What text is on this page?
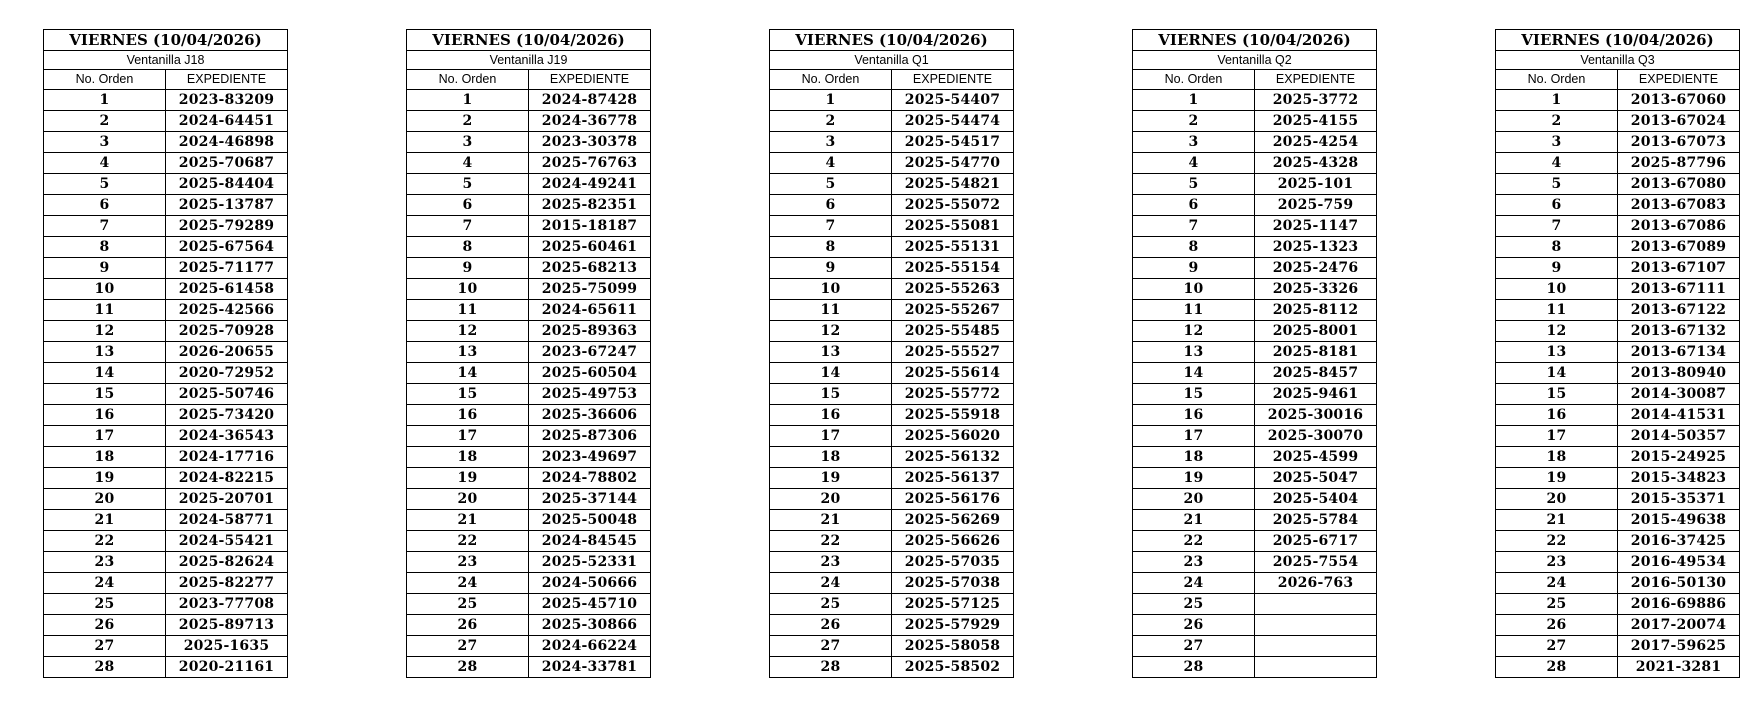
VIERNES (10/04/2026)	
Ventanilla J18	
No. Orden	EXPEDIENTE
1	2023-83209
2	2024-64451
3	2024-46898
4	2025-70687
5	2025-84404
6	2025-13787
7	2025-79289
8	2025-67564
9	2025-71177
10	2025-61458
11	2025-42566
12	2025-70928
13	2026-20655
14	2020-72952
15	2025-50746
16	2025-73420
17	2024-36543
18	2024-17716
19	2024-82215
20	2025-20701
21	2024-58771
22	2024-55421
23	2025-82624
24	2025-82277
25	2023-77708
26	2025-89713
27	2025-1635
28	2020-21161
VIERNES (10/04/2026)	
Ventanilla J19	
No. Orden	EXPEDIENTE
1	2024-87428
2	2024-36778
3	2023-30378
4	2025-76763
5	2024-49241
6	2025-82351
7	2015-18187
8	2025-60461
9	2025-68213
10	2025-75099
11	2024-65611
12	2025-89363
13	2023-67247
14	2025-60504
15	2025-49753
16	2025-36606
17	2025-87306
18	2023-49697
19	2024-78802
20	2025-37144
21	2025-50048
22	2024-84545
23	2025-52331
24	2024-50666
25	2025-45710
26	2025-30866
27	2024-66224
28	2024-33781
VIERNES (10/04/2026)	
Ventanilla Q1	
No. Orden	EXPEDIENTE
1	2025-54407
2	2025-54474
3	2025-54517
4	2025-54770
5	2025-54821
6	2025-55072
7	2025-55081
8	2025-55131
9	2025-55154
10	2025-55263
11	2025-55267
12	2025-55485
13	2025-55527
14	2025-55614
15	2025-55772
16	2025-55918
17	2025-56020
18	2025-56132
19	2025-56137
20	2025-56176
21	2025-56269
22	2025-56626
23	2025-57035
24	2025-57038
25	2025-57125
26	2025-57929
27	2025-58058
28	2025-58502
VIERNES (10/04/2026)	
Ventanilla Q2	
No. Orden	EXPEDIENTE
1	2025-3772
2	2025-4155
3	2025-4254
4	2025-4328
5	2025-101
6	2025-759
7	2025-1147
8	2025-1323
9	2025-2476
10	2025-3326
11	2025-8112
12	2025-8001
13	2025-8181
14	2025-8457
15	2025-9461
16	2025-30016
17	2025-30070
18	2025-4599
19	2025-5047
20	2025-5404
21	2025-5784
22	2025-6717
23	2025-7554
24	2026-763
25	
26	
27	
28	
VIERNES (10/04/2026)	
Ventanilla Q3	
No. Orden	EXPEDIENTE
1	2013-67060
2	2013-67024
3	2013-67073
4	2025-87796
5	2013-67080
6	2013-67083
7	2013-67086
8	2013-67089
9	2013-67107
10	2013-67111
11	2013-67122
12	2013-67132
13	2013-67134
14	2013-80940
15	2014-30087
16	2014-41531
17	2014-50357
18	2015-24925
19	2015-34823
20	2015-35371
21	2015-49638
22	2016-37425
23	2016-49534
24	2016-50130
25	2016-69886
26	2017-20074
27	2017-59625
28	2021-3281
